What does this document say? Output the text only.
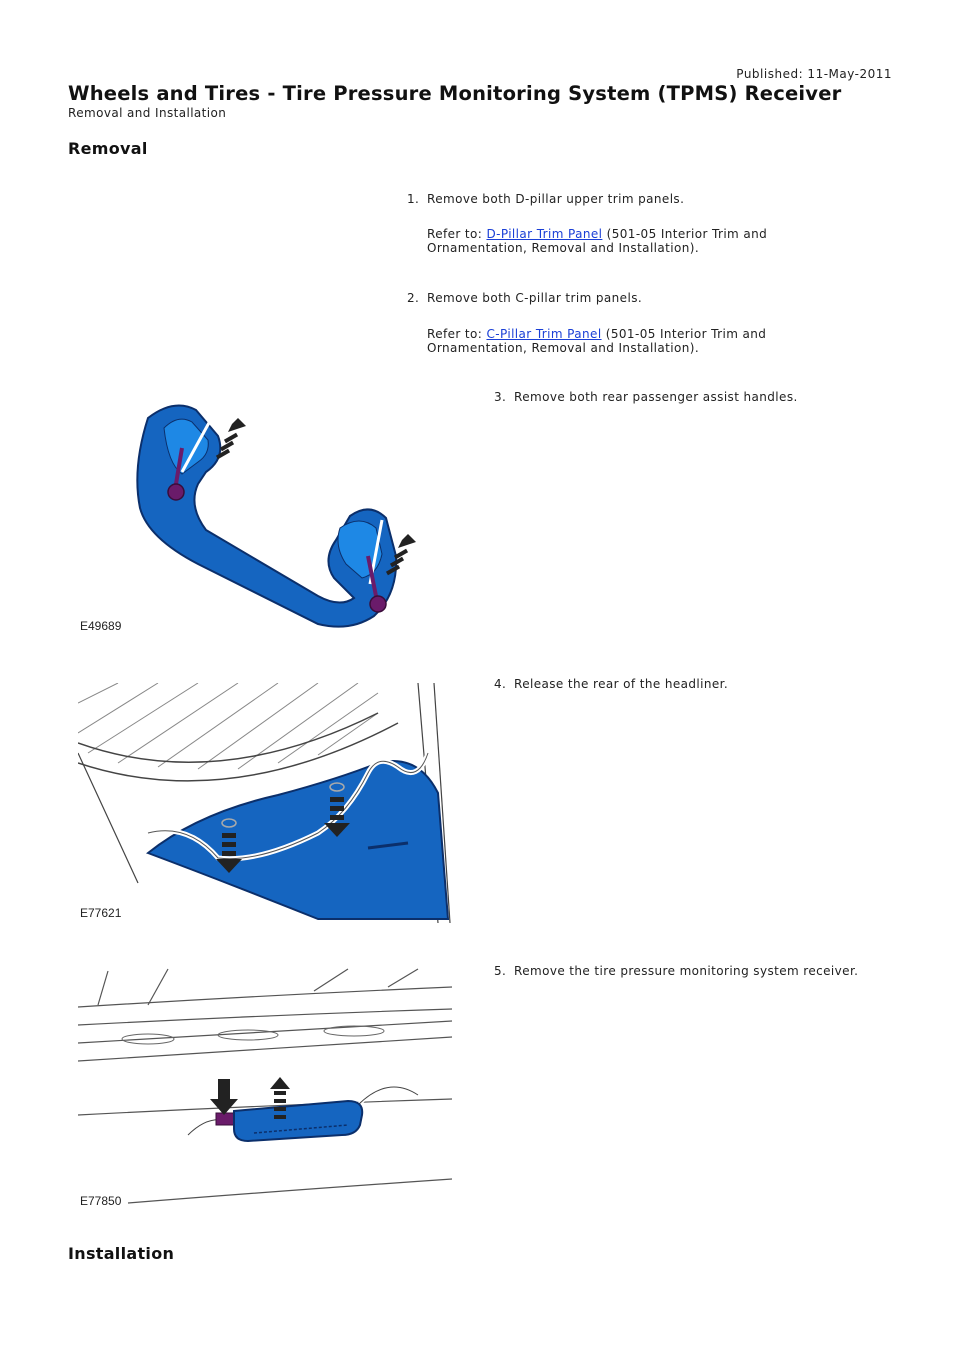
Published: 11-May-2011
Wheels and Tires - Tire Pressure Monitoring System (TPMS) Receiver
Removal and Installation
Removal
1. Remove both D-pillar upper trim panels.
Refer to: D-Pillar Trim Panel (501-05 Interior Trim and Ornamentation, Removal and Installation).
2. Remove both C-pillar trim panels.
Refer to: C-Pillar Trim Panel (501-05 Interior Trim and Ornamentation, Removal and Installation).
3. Remove both rear passenger assist handles.
E49689
4. Release the rear of the headliner.
E77621
5. Remove the tire pressure monitoring system receiver.
E77850
Installation
